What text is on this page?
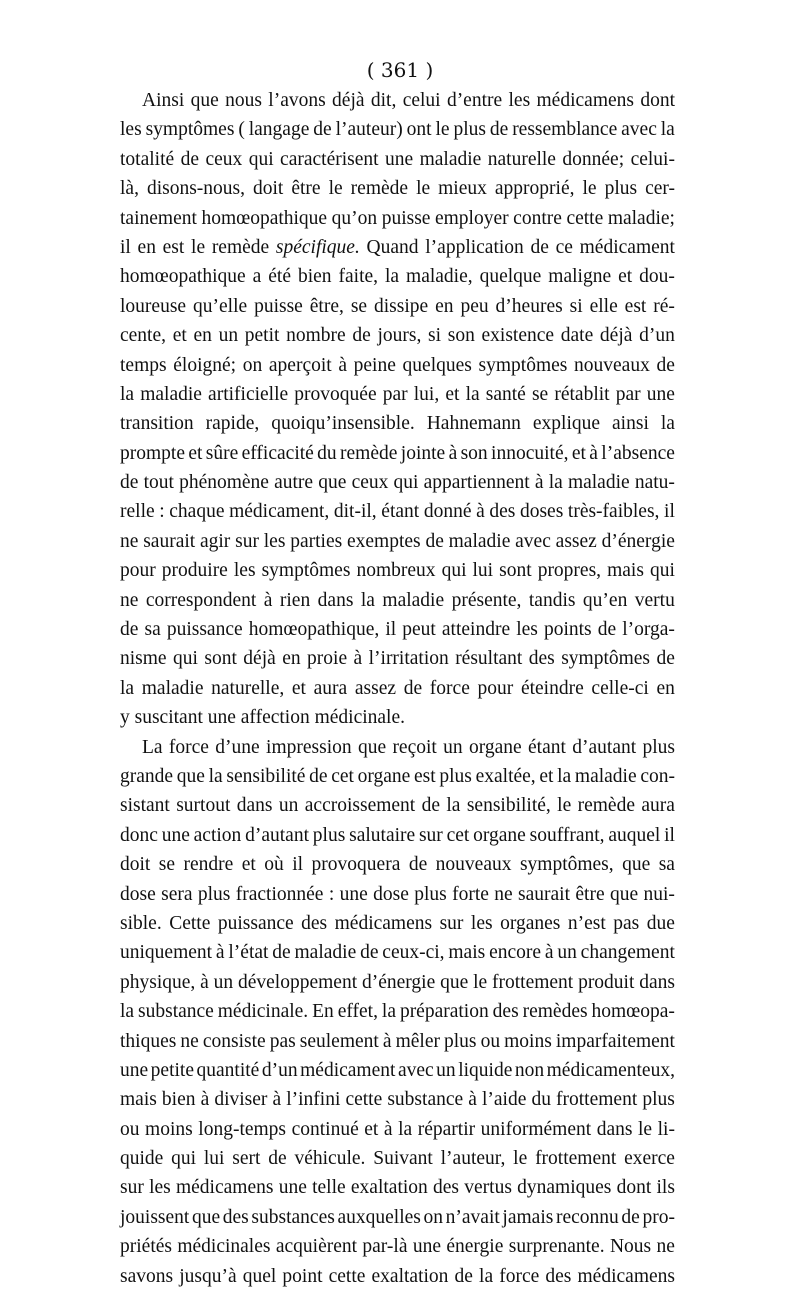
( 361 )

Ainsi que nous l’avons déjà dit, celui d’entre les médicamens dont
les symptômes ( langage de l’auteur) ont le plus de ressemblance avec la
totalité de ceux qui caractérisent une maladie naturelle donnée; celui-
là, disons-nous, doit être le remède le mieux approprié, le plus cer-
tainement homœopathique qu’on puisse employer contre cette maladie;
il en est le remède spécifique. Quand l’application de ce médicament
homœopathique a été bien faite, la maladie, quelque maligne et dou-
loureuse qu’elle puisse être, se dissipe en peu d’heures si elle est ré-
cente, et en un petit nombre de jours, si son existence date déjà d’un
temps éloigné; on aperçoit à peine quelques symptômes nouveaux de
la maladie artificielle provoquée par lui, et la santé se rétablit par une
transition rapide, quoiqu’insensible. Hahnemann explique ainsi la
prompte et sûre efficacité du remède jointe à son innocuité, et à l’absence
de tout phénomène autre que ceux qui appartiennent à la maladie natu-
relle : chaque médicament, dit-il, étant donné à des doses très-faibles, il
ne saurait agir sur les parties exemptes de maladie avec assez d’énergie
pour produire les symptômes nombreux qui lui sont propres, mais qui
ne correspondent à rien dans la maladie présente, tandis qu’en vertu
de sa puissance homœopathique, il peut atteindre les points de l’orga-
nisme qui sont déjà en proie à l’irritation résultant des symptômes de
la maladie naturelle, et aura assez de force pour éteindre celle-ci en
y
suscitant
une
affection
médicinale.
La force d’une impression que reçoit un organe étant d’autant plus
grande que la sensibilité de cet organe est plus exaltée, et la maladie con-
sistant surtout dans un accroissement de la sensibilité, le remède aura
donc une action d’autant plus salutaire sur cet organe souffrant, auquel il
doit se rendre et où il provoquera de nouveaux symptômes, que sa
dose sera plus fractionnée : une dose plus forte ne saurait être que nui-
sible. Cette puissance des médicamens sur les organes n’est pas due
uniquement à l’état de maladie de ceux-ci, mais encore à un changement
physique, à un développement d’énergie que le frottement produit dans
la substance médicinale. En effet, la préparation des remèdes homœopa-
thiques ne consiste pas seulement à mêler plus ou moins imparfaitement
une petite quantité d’un médicament avec un liquide non médicamenteux,
mais bien à diviser à l’infini cette substance à l’aide du frottement plus
ou moins long-temps continué et à la répartir uniformément dans le li-
quide qui lui sert de véhicule. Suivant l’auteur, le frottement exerce
sur les médicamens une telle exaltation des vertus dynamiques dont ils
jouissent que des substances auxquelles on n’avait jamais reconnu de pro-
priétés médicinales acquièrent par-là une énergie surprenante. Nous ne
savons jusqu’à quel point cette exaltation de la force des médicamens
